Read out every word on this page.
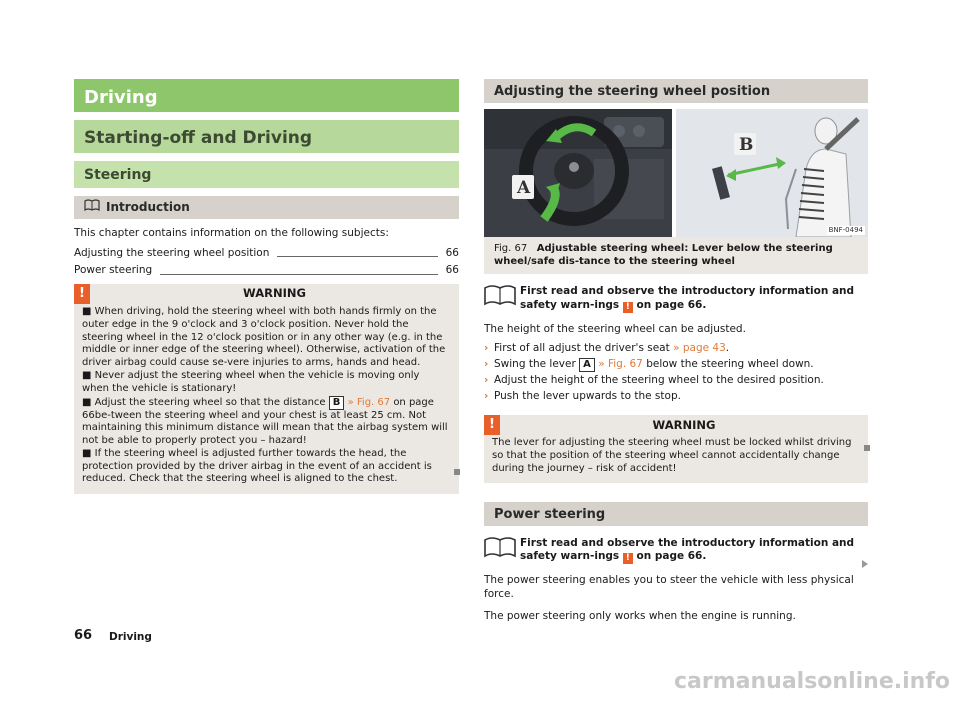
Driving
Starting-off and Driving
Steering
Introduction
This chapter contains information on the following subjects:
Adjusting the steering wheel position	66
Power steering	66
!	WARNING
■ When driving, hold the steering wheel with both hands firmly on the outer edge in the 9 o'clock and 3 o'clock position. Never hold the steering wheel in the 12 o'clock position or in any other way (e.g. in the middle or inner edge of the steering wheel). Otherwise, activation of the driver airbag could cause se-vere injuries to arms, hands and head.
■ Never adjust the steering wheel when the vehicle is moving only when the vehicle is stationary!
■ Adjust the steering wheel so that the distance B » Fig. 67 on page 66be-tween the steering wheel and your chest is at least 25 cm. Not maintaining this minimum distance will mean that the airbag system will not be able to properly protect you – hazard!
■ If the steering wheel is adjusted further towards the head, the protection provided by the driver airbag in the event of an accident is reduced. Check that the steering wheel is aligned to the chest.
Adjusting the steering wheel position
A
B
BNF-0494
Fig. 67 Adjustable steering wheel: Lever below the steering wheel/safe dis-tance to the steering wheel
First read and observe the introductory information and safety warn-ings ! on page 66.
The height of the steering wheel can be adjusted.
› First of all adjust the driver's seat » page 43.
› Swing the lever A » Fig. 67 below the steering wheel down.
› Adjust the height of the steering wheel to the desired position.
› Push the lever upwards to the stop.
!	WARNING
The lever for adjusting the steering wheel must be locked whilst driving so that the position of the steering wheel cannot accidentally change during the journey – risk of accident!
Power steering
First read and observe the introductory information and safety warn-ings ! on page 66.
The power steering enables you to steer the vehicle with less physical force.
The power steering only works when the engine is running.
66 Driving
carmanualsonline.info
